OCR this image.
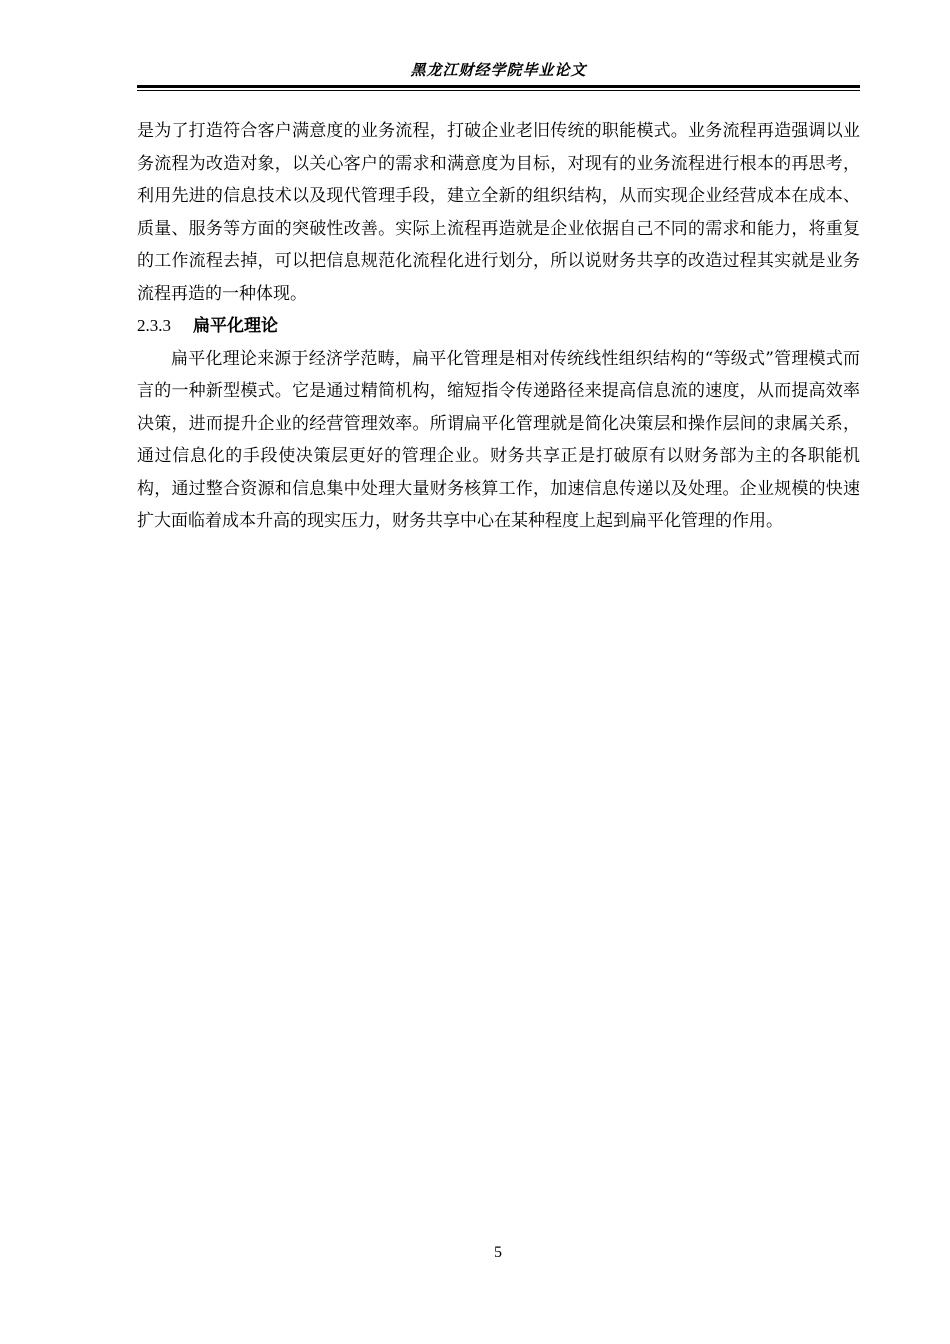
黑龙江财经学院毕业论文

是为了打造符合客户满意度的业务流程，打破企业老旧传统的职能模式。业务流程再造强调以业务流程为改造对象，以关心客户的需求和满意度为目标，对现有的业务流程进行根本的再思考，利用先进的信息技术以及现代管理手段，建立全新的组织结构，从而实现企业经营成本在成本、质量、服务等方面的突破性改善。实际上流程再造就是企业依据自己不同的需求和能力，将重复的工作流程去掉，可以把信息规范化流程化进行划分，所以说财务共享的改造过程其实就是业务流程再造的一种体现。

2.3.3 扁平化理论

扁平化理论来源于经济学范畴，扁平化管理是相对传统线性组织结构的“等级式”管理模式而言的一种新型模式。它是通过精简机构，缩短指令传递路径来提高信息流的速度，从而提高效率决策，进而提升企业的经营管理效率。所谓扁平化管理就是简化决策层和操作层间的隶属关系，通过信息化的手段使决策层更好的管理企业。财务共享正是打破原有以财务部为主的各职能机构，通过整合资源和信息集中处理大量财务核算工作，加速信息传递以及处理。企业规模的快速扩大面临着成本升高的现实压力，财务共享中心在某种程度上起到扁平化管理的作用。

5
